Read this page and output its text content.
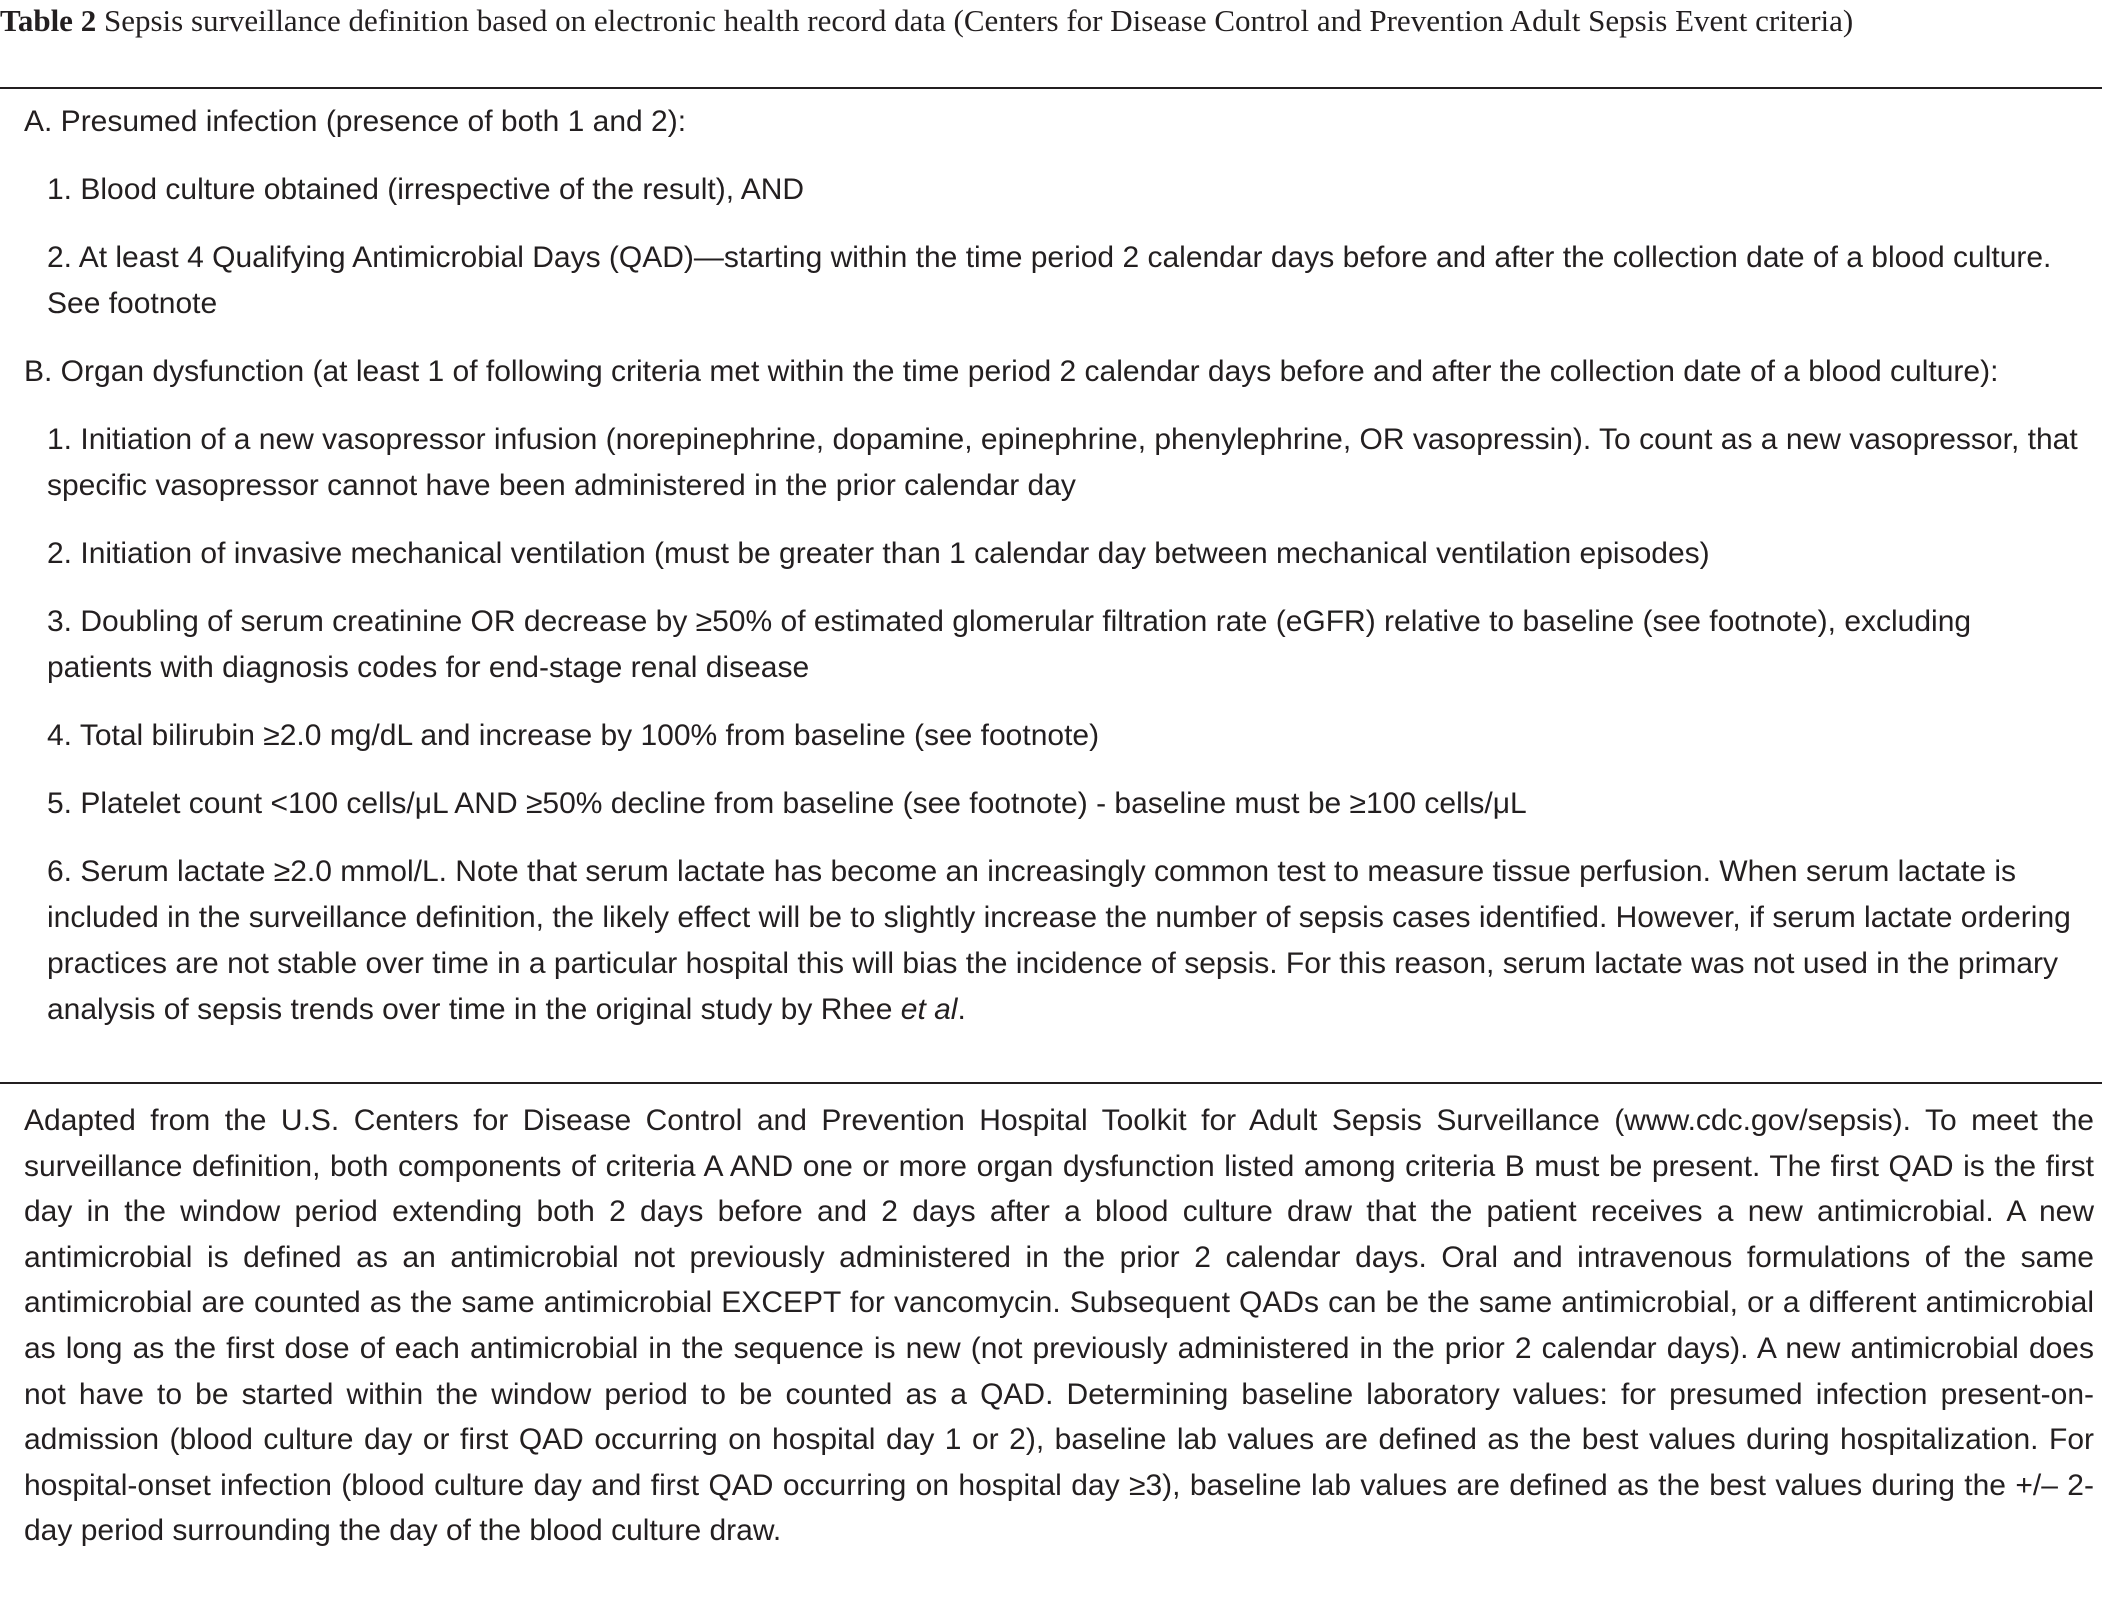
Table 2 Sepsis surveillance definition based on electronic health record data (Centers for Disease Control and Prevention Adult Sepsis Event criteria)

A. Presumed infection (presence of both 1 and 2):

1. Blood culture obtained (irrespective of the result), AND

2. At least 4 Qualifying Antimicrobial Days (QAD)—starting within the time period 2 calendar days before and after the collection date of a blood culture. See footnote

B. Organ dysfunction (at least 1 of following criteria met within the time period 2 calendar days before and after the collection date of a blood culture):

1. Initiation of a new vasopressor infusion (norepinephrine, dopamine, epinephrine, phenylephrine, OR vasopressin). To count as a new vasopressor, that specific vasopressor cannot have been administered in the prior calendar day

2. Initiation of invasive mechanical ventilation (must be greater than 1 calendar day between mechanical ventilation episodes)

3. Doubling of serum creatinine OR decrease by ≥50% of estimated glomerular filtration rate (eGFR) relative to baseline (see footnote), excluding patients with diagnosis codes for end-stage renal disease

4. Total bilirubin ≥2.0 mg/dL and increase by 100% from baseline (see footnote)

5. Platelet count <100 cells/μL AND ≥50% decline from baseline (see footnote) - baseline must be ≥100 cells/μL

6. Serum lactate ≥2.0 mmol/L. Note that serum lactate has become an increasingly common test to measure tissue perfusion. When serum lactate is included in the surveillance definition, the likely effect will be to slightly increase the number of sepsis cases identified. However, if serum lactate ordering practices are not stable over time in a particular hospital this will bias the incidence of sepsis. For this reason, serum lactate was not used in the primary analysis of sepsis trends over time in the original study by Rhee et al.

Adapted from the U.S. Centers for Disease Control and Prevention Hospital Toolkit for Adult Sepsis Surveillance (www.cdc.gov/sepsis). To meet the surveillance definition, both components of criteria A AND one or more organ dysfunction listed among criteria B must be present. The first QAD is the first day in the window period extending both 2 days before and 2 days after a blood culture draw that the patient receives a new antimicrobial. A new antimicrobial is defined as an antimicrobial not previously administered in the prior 2 calendar days. Oral and intravenous formulations of the same antimicrobial are counted as the same antimicrobial EXCEPT for vancomycin. Subsequent QADs can be the same antimicrobial, or a different antimicrobial as long as the first dose of each antimicrobial in the sequence is new (not previously administered in the prior 2 calendar days). A new antimicrobial does not have to be started within the window period to be counted as a QAD. Determining baseline laboratory values: for presumed infection present-on-admission (blood culture day or first QAD occurring on hospital day 1 or 2), baseline lab values are defined as the best values during hospitalization. For hospital-onset infection (blood culture day and first QAD occurring on hospital day ≥3), baseline lab values are defined as the best values during the +/– 2-day period surrounding the day of the blood culture draw.
